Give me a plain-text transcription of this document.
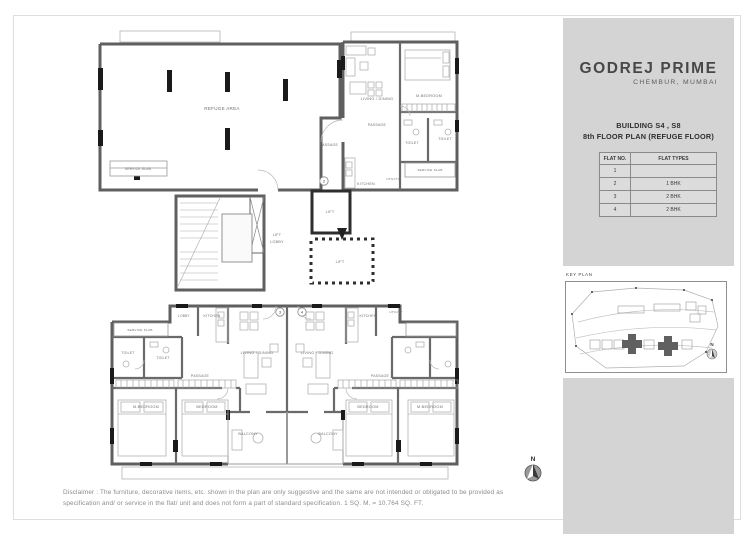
REFUGE AREA
SERVICE SLAB
PASSAGE
LIVING / DINING
M.BEDROOM
PASSAGE
TOILET
TOILET
KITCHEN
UTILITY
SERVICE SLAB
LIFT
LIFT
LIFT
LOBBY
SERVICE SLAB
TOILET
TOILET
LOBBY	KITCHEN
LIVING / DINING	LIVING / DINING
PASSAGE	PASSAGE
M.BEDROOM	BEDROOM	BEDROOM	M.BEDROOM
BALCONY	BALCONY
KITCHEN
UTILITY
2
3	4
N
GODREJ PRIME
CHEMBUR, MUMBAI
BUILDING S4 , S8
8th FLOOR PLAN (REFUGE FLOOR)
FLAT NO.	FLAT TYPES
1	
2	1 BHK
3	2 BHK
4	2 BHK
KEY PLAN
N
Disclaimer : The furniture, decorative items, etc. shown in the plan are only suggestive and the same are not intended or obligated to be provided as specification and/ or service in the flat/ unit and does not form a part of standard specification. 1 SQ. M. = 10.764 SQ. FT.
